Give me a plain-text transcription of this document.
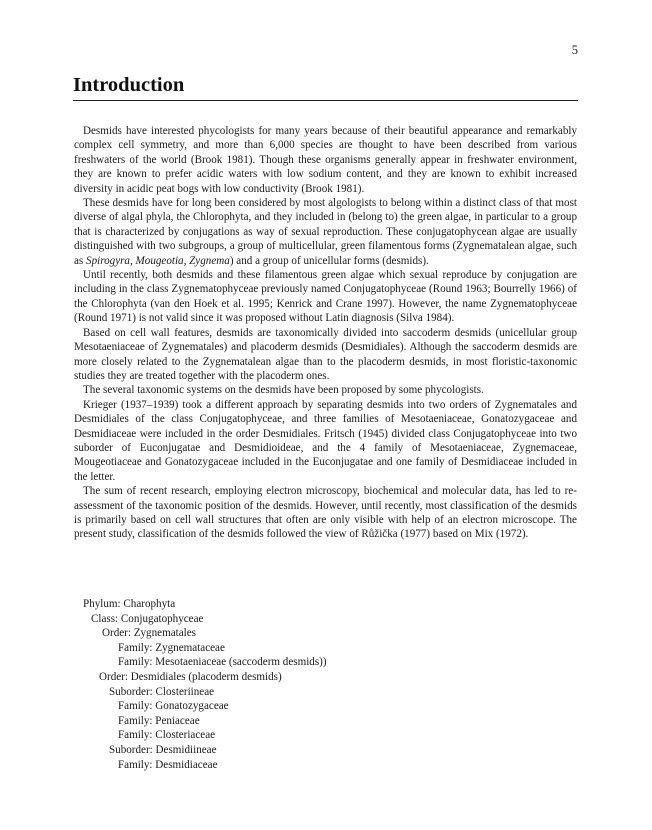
5
Introduction

Desmids have interested phycologists for many years because of their beautiful appearance and remarkably complex cell symmetry, and more than 6,000 species are thought to have been described from various freshwaters of the world (Brook 1981). Though these organisms generally appear in freshwater environment, they are known to prefer acidic waters with low sodium content, and they are known to exhibit increased diversity in acidic peat bogs with low conductivity (Brook 1981).

These desmids have for long been considered by most algologists to belong within a distinct class of that most diverse of algal phyla, the Chlorophyta, and they included in (belong to) the green algae, in particular to a group that is characterized by conjugations as way of sexual reproduction. These conjugatophycean algae are usually distinguished with two subgroups, a group of multicellular, green filamentous forms (Zygnematalean algae, such as Spirogyra, Mougeotia, Zygnema) and a group of unicellular forms (desmids).

Until recently, both desmids and these filamentous green algae which sexual reproduce by conjugation are including in the class Zygnematophyceae previously named Conjugatophyceae (Round 1963; Bourrelly 1966) of the Chlorophyta (van den Hoek et al. 1995; Kenrick and Crane 1997). However, the name Zygnematophyceae (Round 1971) is not valid since it was proposed without Latin diagnosis (Silva 1984).

Based on cell wall features, desmids are taxonomically divided into saccoderm desmids (unicellular group Mesotaeniaceae of Zygnematales) and placoderm desmids (Desmidiales). Although the saccoderm desmids are more closely related to the Zygnematalean algae than to the placoderm desmids, in most floristic-taxonomic studies they are treated together with the placoderm ones.

The several taxonomic systems on the desmids have been proposed by some phycologists.

Krieger (1937–1939) took a different approach by separating desmids into two orders of Zygnematales and Desmidiales of the class Conjugatophyceae, and three families of Mesotaeniaceae, Gonatozygaceae and Desmidiaceae were included in the order Desmidiales. Fritsch (1945) divided class Conjugatophyceae into two suborder of Euconjugatae and Desmidioideae, and the 4 family of Mesotaeniaceae, Zygnemaceae, Mougeotiaceae and Gonatozygaceae included in the Euconjugatae and one family of Desmidiaceae included in the letter.

The sum of recent research, employing electron microscopy, biochemical and molecular data, has led to re-assessment of the taxonomic position of the desmids. However, until recently, most classification of the desmids is primarily based on cell wall structures that often are only visible with help of an electron microscope. The present study, classification of the desmids followed the view of Růžička (1977) based on Mix (1972).

Phylum: Charophyta
Class: Conjugatophyceae
Order: Zygnematales
Family: Zygnemataceae
Family: Mesotaeniaceae (saccoderm desmids))
Order: Desmidiales (placoderm desmids)
Suborder: Closteriineae
Family: Gonatozygaceae
Family: Peniaceae
Family: Closteriaceae
Suborder: Desmidiineae
Family: Desmidiaceae
